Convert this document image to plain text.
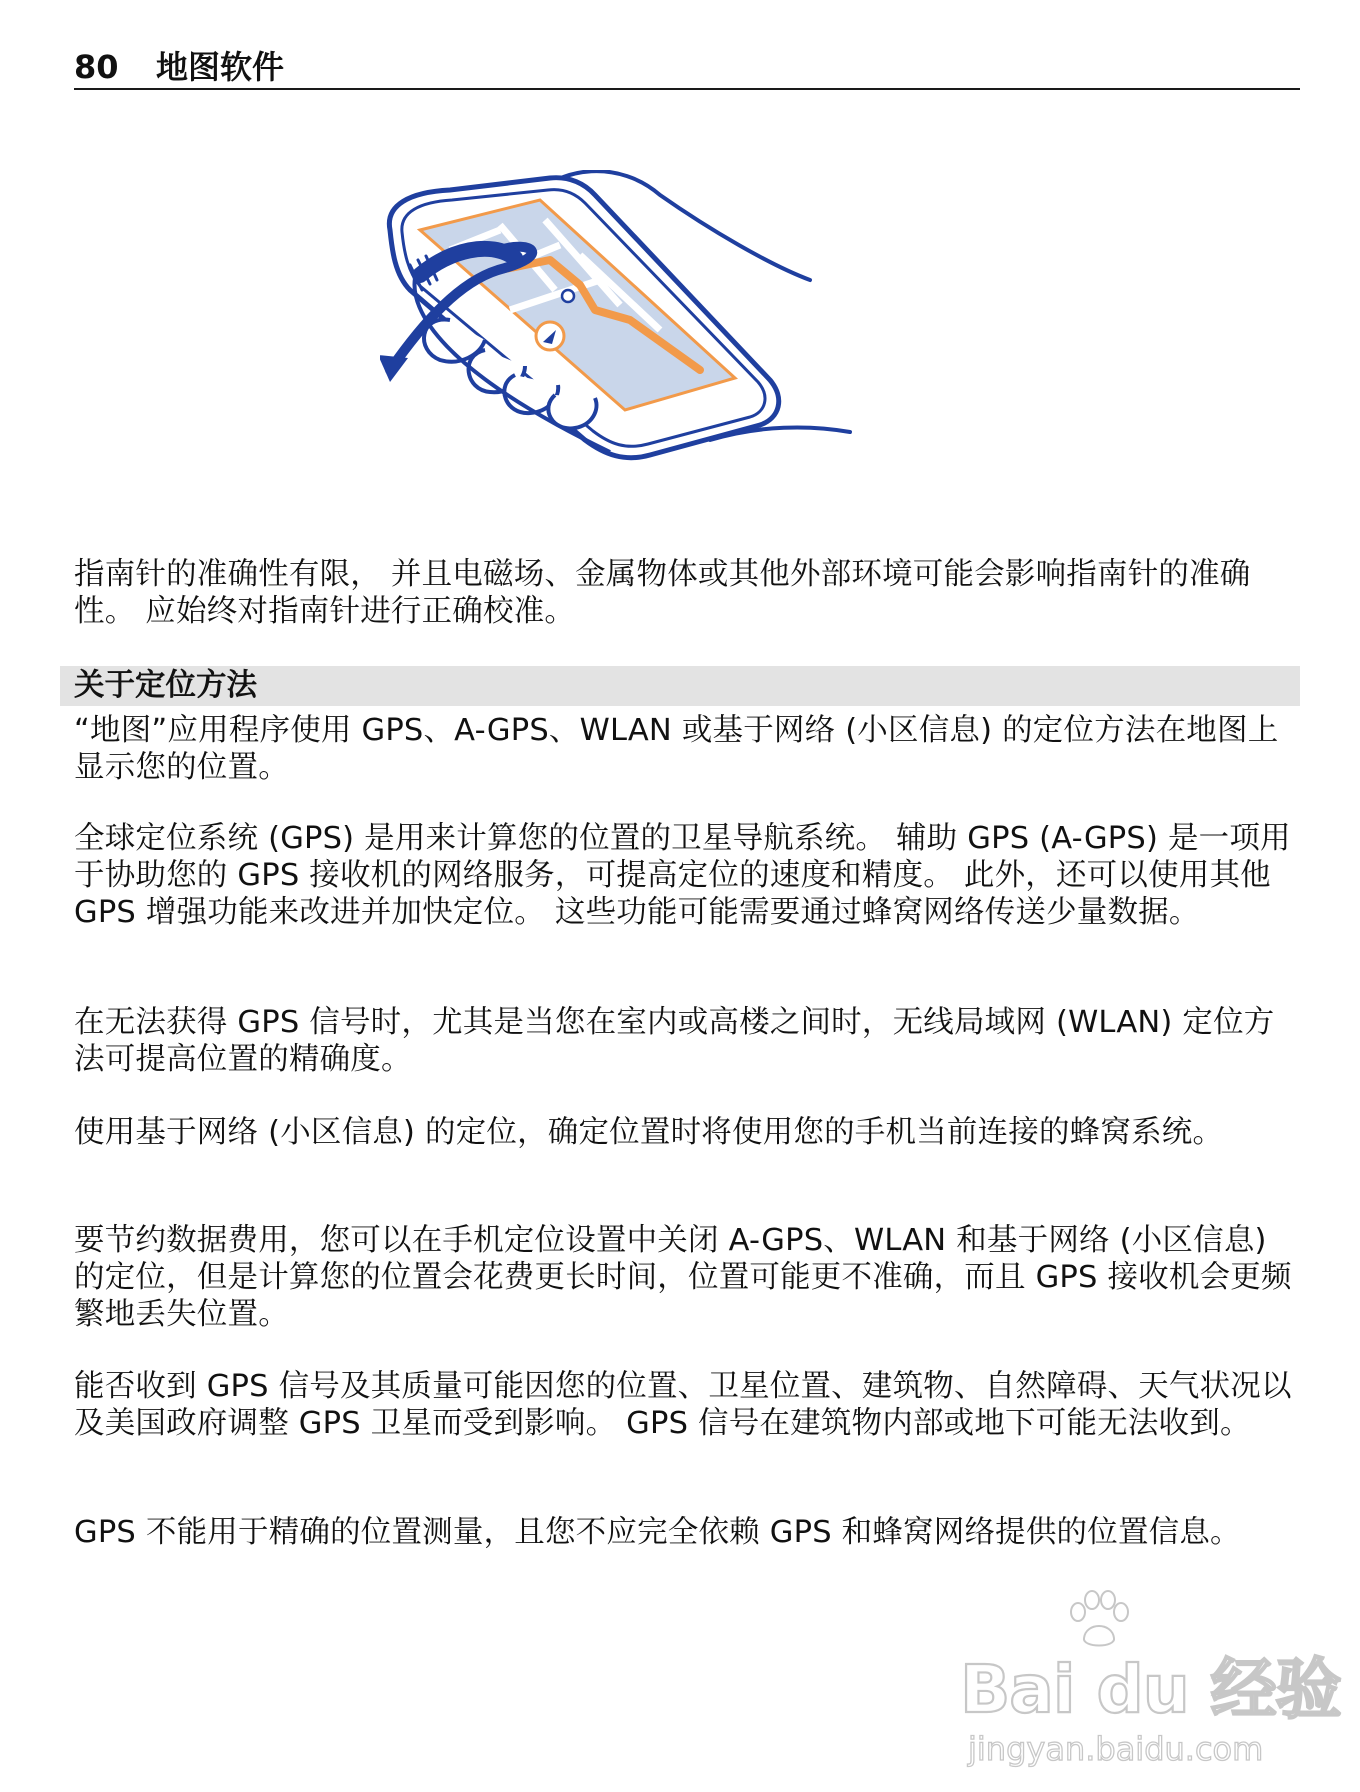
80 地图软件

指南针的准确性有限， 并且电磁场、金属物体或其他外部环境可能会影响指南针的准确性。 应始终对指南针进行正确校准。

关于定位方法

“地图”应用程序使用 GPS、A-GPS、WLAN 或基于网络 (小区信息) 的定位方法在地图上显示您的位置。

全球定位系统 (GPS) 是用来计算您的位置的卫星导航系统。 辅助 GPS (A-GPS) 是一项用于协助您的 GPS 接收机的网络服务，可提高定位的速度和精度。 此外，还可以使用其他 GPS 增强功能来改进并加快定位。 这些功能可能需要通过蜂窝网络传送少量数据。

在无法获得 GPS 信号时，尤其是当您在室内或高楼之间时，无线局域网 (WLAN) 定位方法可提高位置的精确度。

使用基于网络 (小区信息) 的定位，确定位置时将使用您的手机当前连接的蜂窝系统。

要节约数据费用，您可以在手机定位设置中关闭 A-GPS、WLAN 和基于网络 (小区信息) 的定位，但是计算您的位置会花费更长时间，位置可能更不准确，而且 GPS 接收机会更频繁地丢失位置。

能否收到 GPS 信号及其质量可能因您的位置、卫星位置、建筑物、自然障碍、天气状况以及美国政府调整 GPS 卫星而受到影响。 GPS 信号在建筑物内部或地下可能无法收到。

GPS 不能用于精确的位置测量，且您不应完全依赖 GPS 和蜂窝网络提供的位置信息。

Bai du 经验
jingyan.baidu.com
